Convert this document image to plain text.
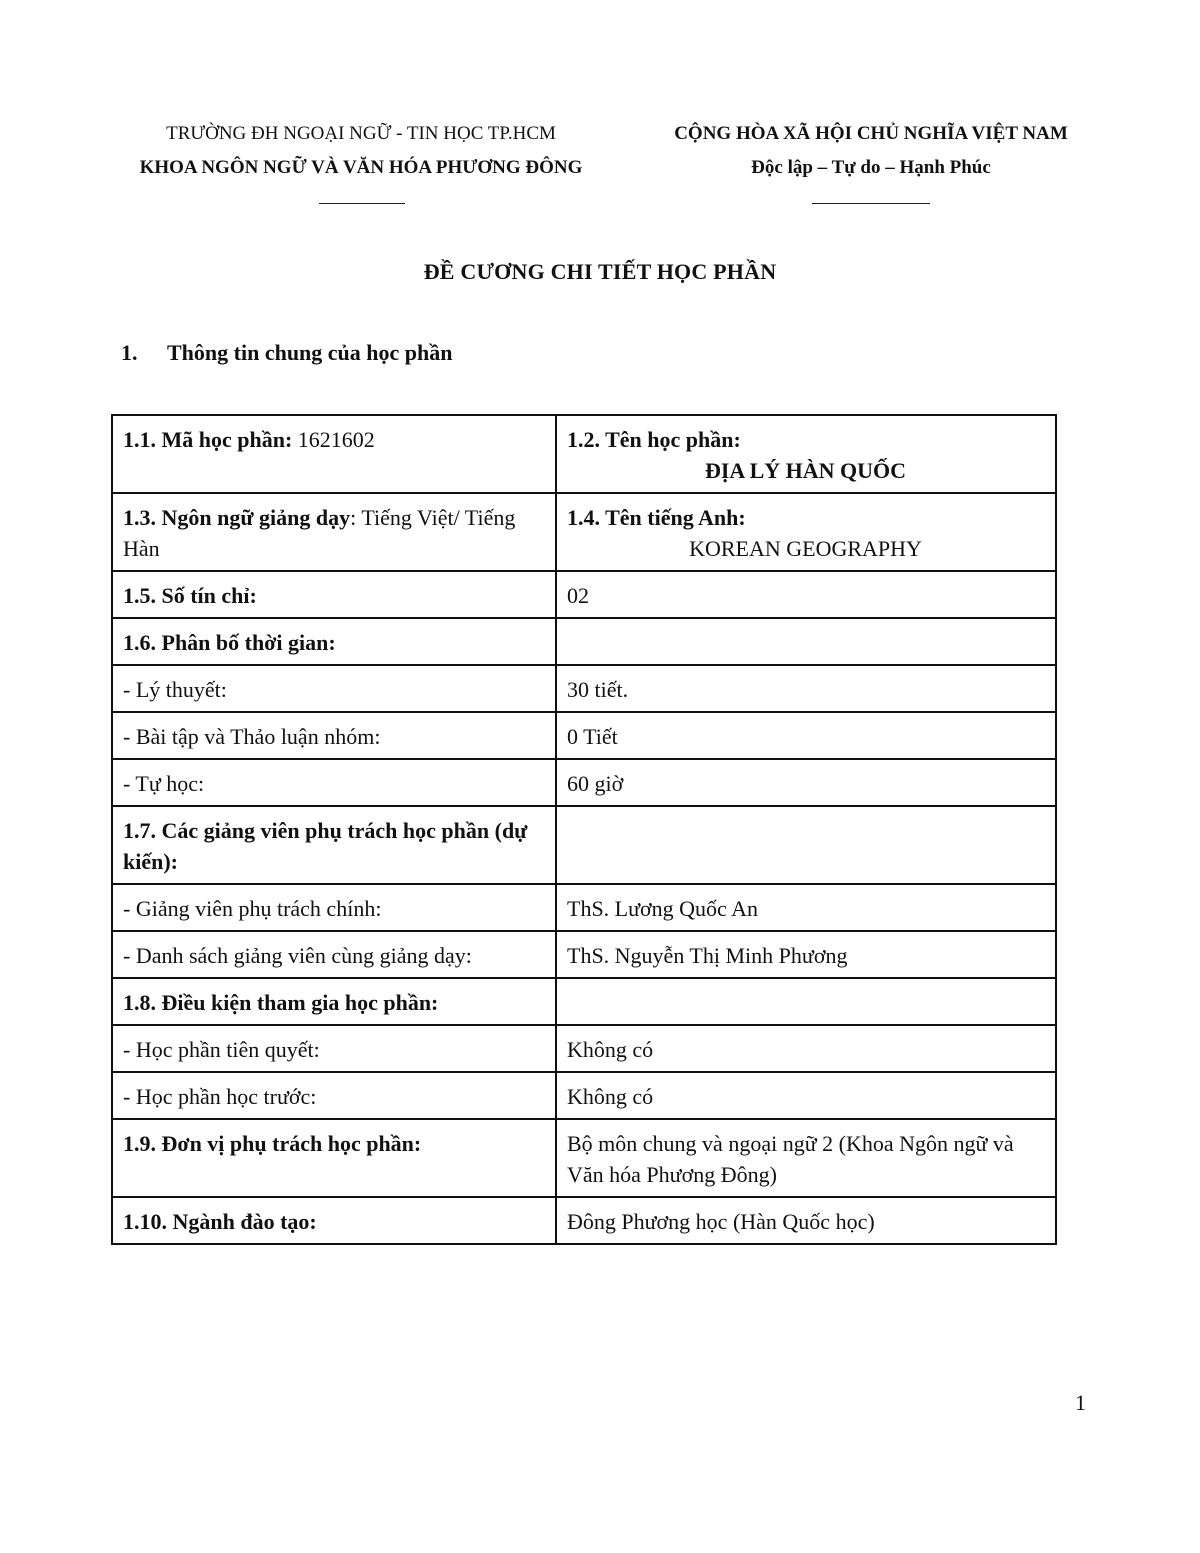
TRƯỜNG ĐH NGOẠI NGỮ - TIN HỌC TP.HCM
KHOA NGÔN NGỮ VÀ VĂN HÓA PHƯƠNG ĐÔNG
CỘNG HÒA XÃ HỘI CHỦ NGHĨA VIỆT NAM
Độc lập – Tự do – Hạnh Phúc
ĐỀ CƯƠNG CHI TIẾT HỌC PHẦN
1. Thông tin chung của học phần
1.1. Mã học phần: 1621602	1.2. Tên học phần:
ĐỊA LÝ HÀN QUỐC

1.3. Ngôn ngữ giảng dạy: Tiếng Việt/ Tiếng Hàn	1.4. Tên tiếng Anh:
KOREAN GEOGRAPHY

1.5. Số tín chỉ:	02
1.6. Phân bố thời gian:	
- Lý thuyết:	30 tiết.
- Bài tập và Thảo luận nhóm:	0 Tiết
- Tự học:	60 giờ
1.7. Các giảng viên phụ trách học phần (dự kiến):	
- Giảng viên phụ trách chính:	ThS. Lương Quốc An
- Danh sách giảng viên cùng giảng dạy:	ThS. Nguyễn Thị Minh Phương
1.8. Điều kiện tham gia học phần:	
- Học phần tiên quyết:	Không có
- Học phần học trước:	Không có
1.9. Đơn vị phụ trách học phần:	Bộ môn chung và ngoại ngữ 2 (Khoa Ngôn ngữ và Văn hóa Phương Đông)
1.10. Ngành đào tạo:	Đông Phương học (Hàn Quốc học)
1
